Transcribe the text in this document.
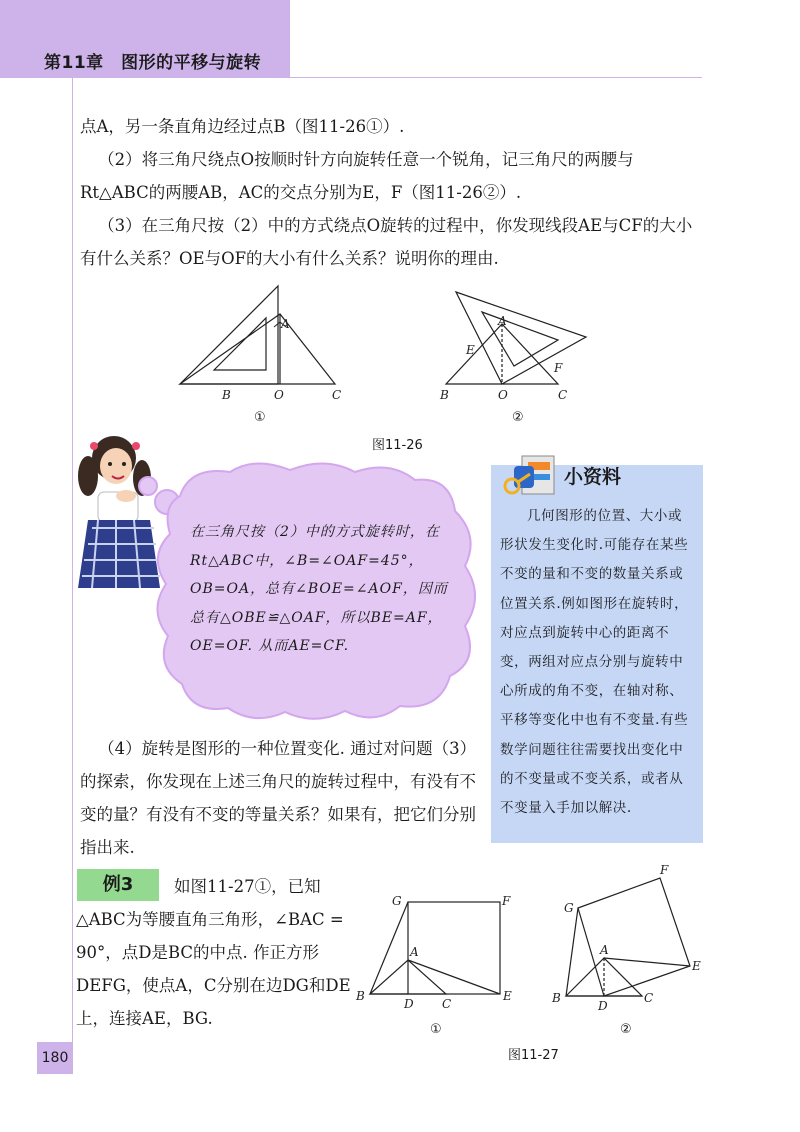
第11章　图形的平移与旋转

点A，另一条直角边经过点B（图11-26①）.

（2）将三角尺绕点O按顺时针方向旋转任意一个锐角，记三角尺的两腰与Rt△ABC的两腰AB，AC的交点分别为E，F（图11-26②）.

（3）在三角尺按（2）中的方式绕点O旋转的过程中，你发现线段AE与CF的大小有什么关系？OE与OF的大小有什么关系？说明你的理由.

A
B	O	C
①
A
E
F
B	O	C
②
图11-26

在三角尺按（2）中的方式旋转时，在Rt△ABC中，∠B=∠OAF=45°，OB=OA，总有∠BOE=∠AOF，因而总有△OBE≌△OAF，所以BE=AF，OE=OF. 从而AE=CF.

小资料

几何图形的位置、大小或形状发生变化时.可能存在某些不变的量和不变的数量关系或位置关系.例如图形在旋转时，对应点到旋转中心的距离不变，两组对应点分别与旋转中心所成的角不变，在轴对称、平移等变化中也有不变量.有些数学问题往往需要找出变化中的不变量或不变关系，或者从不变量入手加以解决.

（4）旋转是图形的一种位置变化. 通过对问题（3）的探索，你发现在上述三角尺的旋转过程中，有没有不变的量？有没有不变的等量关系？如果有，把它们分别指出来.

例3	如图11-27①，已知△ABC为等腰直角三角形，∠BAC = 90°，点D是BC的中点. 作正方形DEFG，使点A，C分别在边DG和DE上，连接AE，BG.

G	F
A
B
D C
E
①
F
G
A
E
B
D
C
②
图11-27
180
